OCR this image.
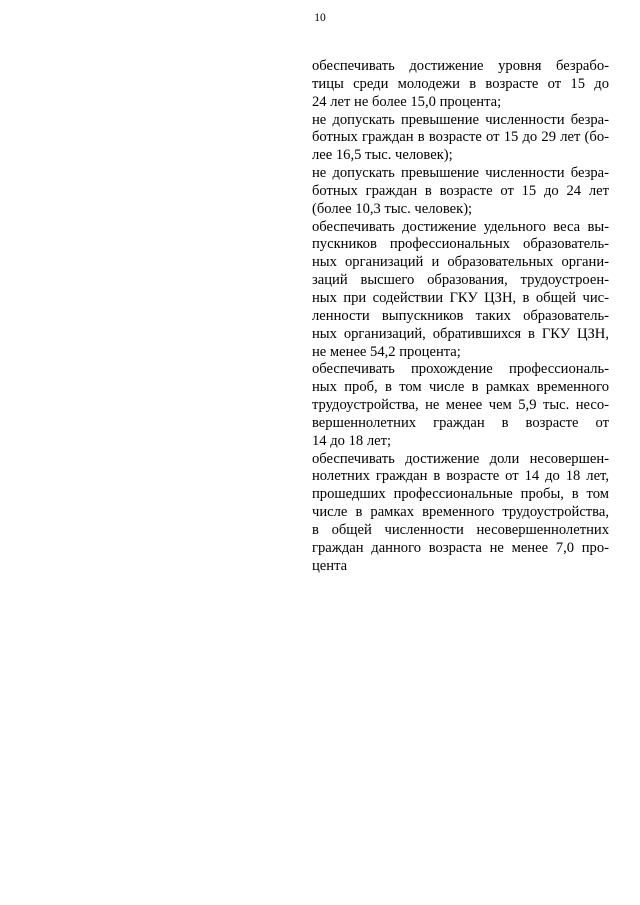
10
обеспечивать достижение уровня безрабо-
тицы среди молодежи в возрасте от 15 до
24 лет не более 15,0 процента;
не допускать превышение численности безра-
ботных граждан в возрасте от 15 до 29 лет (бо-
лее 16,5 тыс. человек);
не допускать превышение численности безра-
ботных граждан в возрасте от 15 до 24 лет
(более 10,3 тыс. человек);
обеспечивать достижение удельного веса вы-
пускников профессиональных образователь-
ных организаций и образовательных органи-
заций высшего образования, трудоустроен-
ных при содействии ГКУ ЦЗН, в общей чис-
ленности выпускников таких образователь-
ных организаций, обратившихся в ГКУ ЦЗН,
не менее 54,2 процента;
обеспечивать прохождение профессиональ-
ных проб, в том числе в рамках временного
трудоустройства, не менее чем 5,9 тыс. несо-
вершеннолетних граждан в возрасте от
14 до 18 лет;
обеспечивать достижение доли несовершен-
нолетних граждан в возрасте от 14 до 18 лет,
прошедших профессиональные пробы, в том
числе в рамках временного трудоустройства,
в общей численности несовершеннолетних
граждан данного возраста не менее 7,0 про-
цента
